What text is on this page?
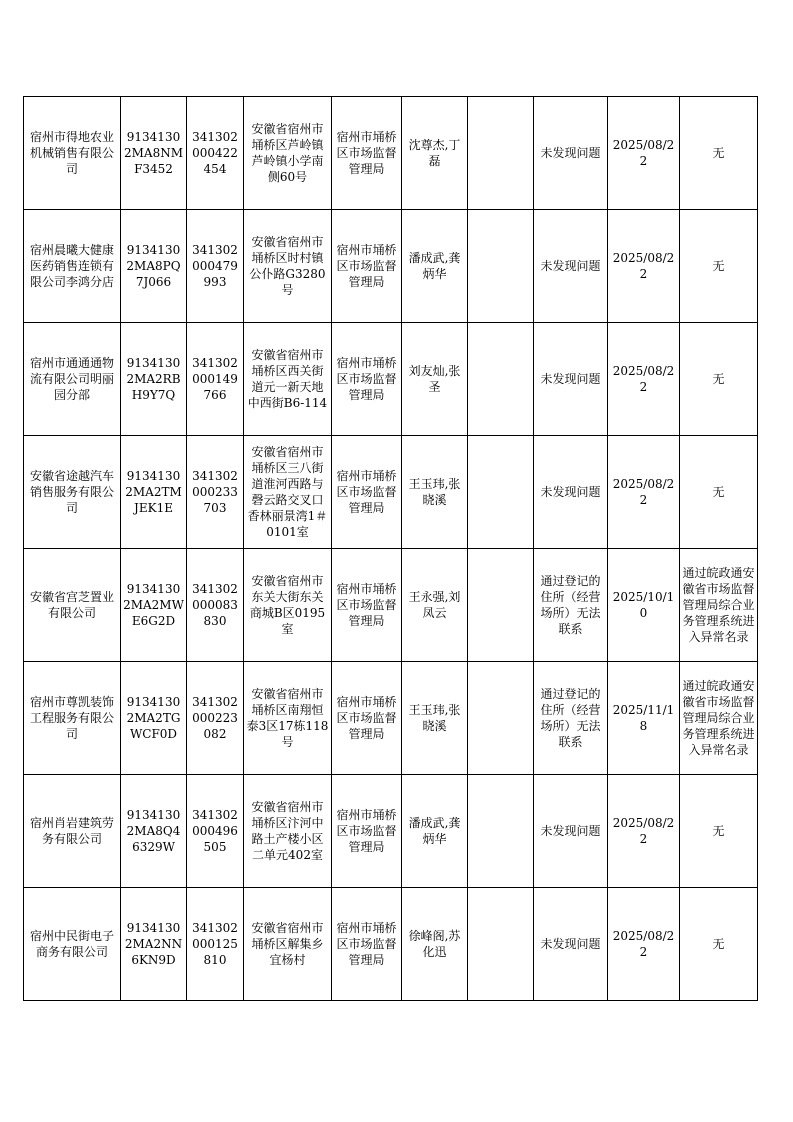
宿州市得地农业机械销售有限公司	91341302MA8NMF3452	341302000422454	安徽省宿州市埇桥区芦岭镇芦岭镇小学南侧60号	宿州市埇桥区市场监督管理局	沈尊杰,丁磊		未发现问题	2025/08/22	无
宿州晨曦大健康医药销售连锁有限公司李鸿分店	91341302MA8PQ7J066	341302000479993	安徽省宿州市埇桥区时村镇公仆路G3280号	宿州市埇桥区市场监督管理局	潘成武,龚炳华		未发现问题	2025/08/22	无
宿州市通通通物流有限公司明丽园分部	91341302MA2RBH9Y7Q	341302000149766	安徽省宿州市埇桥区西关街道元一新天地中西街B6-114	宿州市埇桥区市场监督管理局	刘友灿,张圣		未发现问题	2025/08/22	无
安徽省途越汽车销售服务有限公司	91341302MA2TMJEK1E	341302000233703	安徽省宿州市埇桥区三八街道淮河西路与磬云路交叉口香林丽景湾1＃0101室	宿州市埇桥区市场监督管理局	王玉玮,张晓溪		未发现问题	2025/08/22	无
安徽省宫芝置业有限公司	91341302MA2MWE6G2D	341302000083830	安徽省宿州市东关大街东关商城B区0195室	宿州市埇桥区市场监督管理局	王永强,刘凤云		通过登记的住所（经营场所）无法联系	2025/10/10	通过皖政通安徽省市场监督管理局综合业务管理系统进入异常名录
宿州市尊凯装饰工程服务有限公司	91341302MA2TGWCF0D	341302000223082	安徽省宿州市埇桥区南翔恒泰3区17栋118号	宿州市埇桥区市场监督管理局	王玉玮,张晓溪		通过登记的住所（经营场所）无法联系	2025/11/18	通过皖政通安徽省市场监督管理局综合业务管理系统进入异常名录
宿州肖岩建筑劳务有限公司	91341302MA8Q46329W	341302000496505	安徽省宿州市埇桥区汴河中路土产楼小区二单元402室	宿州市埇桥区市场监督管理局	潘成武,龚炳华		未发现问题	2025/08/22	无
宿州中民街电子商务有限公司	91341302MA2NN6KN9D	341302000125810	安徽省宿州市埇桥区解集乡宜杨村	宿州市埇桥区市场监督管理局	徐峰阁,苏化迅		未发现问题	2025/08/22	无
